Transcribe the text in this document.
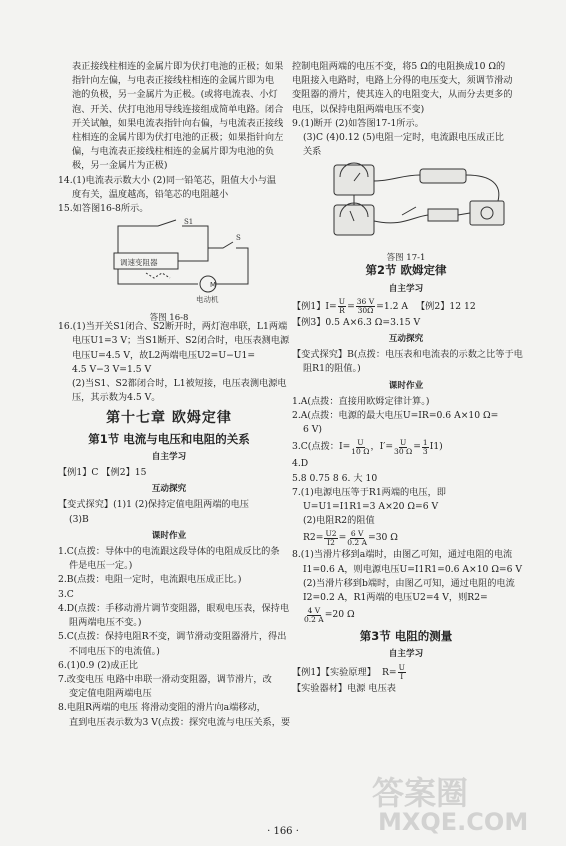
表正接线柱相连的金属片即为伏打电池的正极；如果

指针向左偏，与电表正接线柱相连的金属片即为电

池的负极，另一金属片为正极。(或将电流表、小灯

泡、开关、伏打电池用导线连接组成简单电路。闭合

开关试触，如果电流表指针向右偏，与电流表正接线

柱相连的金属片即为伏打电池的正极；如果指针向左

偏，与电流表正接线柱相连的金属片即为电池的负

极，另一金属片为正极)

14.(1)电流表示数大小 (2)同一铅笔芯，阻值大小与温

度有关，温度越高，铅笔芯的电阻越小

15.如答图16-8所示。

M
S1
S
调速变阻器
电动机
答图 16-8

16.(1)当开关S1闭合、S2断开时，两灯泡串联，L1两端

电压U1=3 V；当S1断开、S2闭合时，电压表测电源

电压U=4.5 V，故L2两端电压U2=U−U1=

4.5 V−3 V=1.5 V

(2)当S1、S2都闭合时，L1被短接，电压表测电源电

压，其示数为4.5 V。

第十七章 欧姆定律
第1节 电流与电压和电阻的关系
自主学习

【例1】C 【例2】15

互动探究

【变式探究】(1)1 (2)保持定值电阻两端的电压

(3)B

课时作业

1.C(点拨：导体中的电流跟这段导体的电阻成反比的条

件是电压一定。)

2.B(点拨：电阻一定时，电流跟电压成正比。)

3.C

4.D(点拨：手移动滑片调节变阻器，眼观电压表，保持电

阻两端电压不变。)

5.C(点拨：保持电阻R不变，调节滑动变阻器滑片，得出

不同电压下的电流值。)

6.(1)0.9 (2)成正比

7.改变电压 电路中串联一滑动变阻器，调节滑片，改

变定值电阻两端电压

8.电阻R两端的电压 将滑动变阻的滑片向a端移动，

直到电压表示数为3 V(点拨：探究电流与电压关系，要

控制电阻两端的电压不变，将5 Ω的电阻换成10 Ω的

电阻接入电路时，电路上分得的电压变大，须调节滑动

变阻器的滑片，使其连入的电阻变大，从而分去更多的

电压，以保持电阻两端电压不变)

9.(1)断开 (2)如答图17-1所示。

(3)C (4)0.12 (5)电阻一定时，电流跟电压成正比

关系

答图 17-1
第2节 欧姆定律
自主学习

【例1】 $I= \frac{U}{R} = \frac{36 V}{30\Omega} =1.2$ A 【例2】12 12

【例3】0.5 A×6.3 Ω=3.15 V

互动探究

【变式探究】B(点拨：电压表和电流表的示数之比等于电

阻R1的阻值。)

课时作业

1.A(点拨：直接用欧姆定律计算。)

2.A(点拨：电源的最大电压U=IR=0.6 A×10 Ω=

6 V)

3.C(点拨：$I= \frac{U}{10 \Omega}$ ，$I'= \frac{U}{30 \Omega} = \frac{1}{3} I1$)

4.D

5.8 0.75 8 6. 大 10

7.(1)电源电压等于R1两端的电压，即

U=U1=I1R1=3 A×20 Ω=6 V

(2)电阻R2的阻值

$R2= \frac{U2}{I2} = \frac{6 V}{0.2 A} =30$ Ω

8.(1)当滑片移到a端时，由图乙可知，通过电阻的电流

I1=0.6 A，则电源电压U=I1R1=0.6 A×10 Ω=6 V

(2)当滑片移到b端时，由图乙可知，通过电阻的电流

I2=0.2 A，R1两端的电压U2=4 V，则R2=

$\frac{4 V}{0.2 A} =20$ Ω

第3节 电阻的测量
自主学习

【例1】【实验原理】 $R= \frac{U}{I}$

【实验器材】电源 电压表

· 166 ·
答案圈
MXQE.COM
